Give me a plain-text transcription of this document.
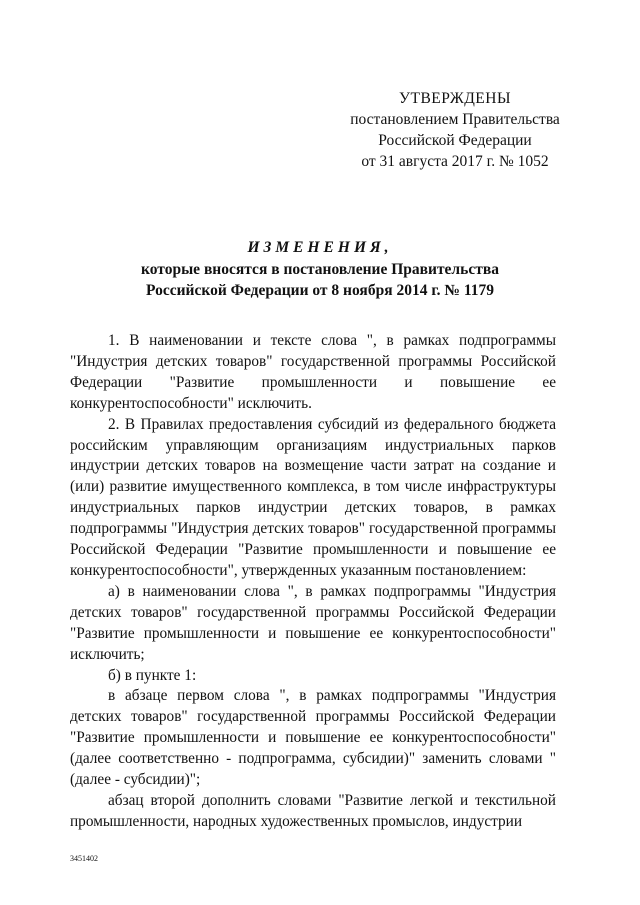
УТВЕРЖДЕНЫ
постановлением Правительства
Российской Федерации
от 31 августа 2017 г. № 1052
ИЗМЕНЕНИЯ,
которые вносятся в постановление Правительства
Российской Федерации от 8 ноября 2014 г. № 1179

1. В наименовании и тексте слова ", в рамках подпрограммы "Индустрия детских товаров" государственной программы Российской Федерации "Развитие промышленности и повышение ее конкурентоспособности" исключить.

2. В Правилах предоставления субсидий из федерального бюджета российским управляющим организациям индустриальных парков индустрии детских товаров на возмещение части затрат на создание и (или) развитие имущественного комплекса, в том числе инфраструктуры индустриальных парков индустрии детских товаров, в рамках подпрограммы "Индустрия детских товаров" государственной программы Российской Федерации "Развитие промышленности и повышение ее конкурентоспособности", утвержденных указанным постановлением:

а) в наименовании слова ", в рамках подпрограммы "Индустрия детских товаров" государственной программы Российской Федерации "Развитие промышленности и повышение ее конкурентоспособности" исключить;

б) в пункте 1:

в абзаце первом слова ", в рамках подпрограммы "Индустрия детских товаров" государственной программы Российской Федерации "Развитие промышленности и повышение ее конкурентоспособности" (далее соответственно - подпрограмма, субсидии)" заменить словами "(далее - субсидии)";

абзац второй дополнить словами "Развитие легкой и текстильной промышленности, народных художественных промыслов, индустрии

3451402
